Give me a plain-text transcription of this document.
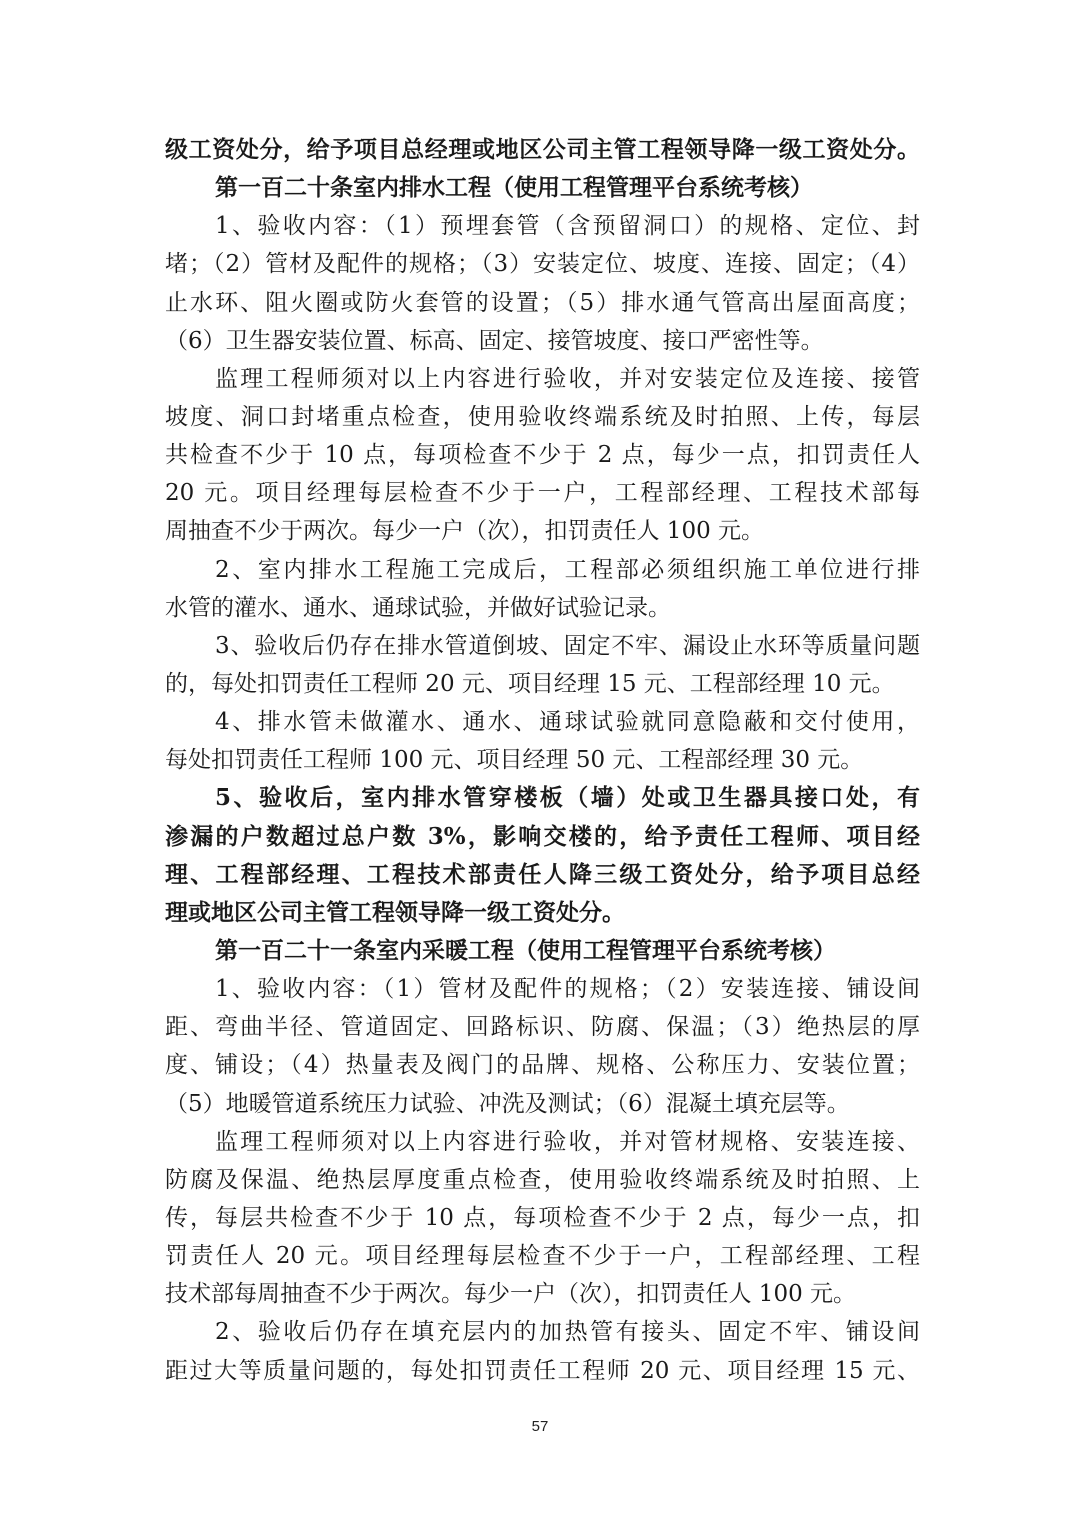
级工资处分，给予项目总经理或地区公司主管工程领导降一级工资处分。
第一百二十条室内排水工程（使用工程管理平台系统考核）
1、验收内容：（1）预埋套管（含预留洞口）的规格、定位、封
堵；（2）管材及配件的规格；（3）安装定位、坡度、连接、固定；（4）
止水环、阻火圈或防火套管的设置；（5）排水通气管高出屋面高度；
（6）卫生器安装位置、标高、固定、接管坡度、接口严密性等。
监理工程师须对以上内容进行验收，并对安装定位及连接、接管
坡度、洞口封堵重点检查，使用验收终端系统及时拍照、上传，每层
共检查不少于 10 点，每项检查不少于 2 点，每少一点，扣罚责任人
20 元。项目经理每层检查不少于一户，工程部经理、工程技术部每
周抽查不少于两次。每少一户（次），扣罚责任人 100 元。
2、室内排水工程施工完成后，工程部必须组织施工单位进行排
水管的灌水、通水、通球试验，并做好试验记录。
3、验收后仍存在排水管道倒坡、固定不牢、漏设止水环等质量问题
的，每处扣罚责任工程师 20 元、项目经理 15 元、工程部经理 10 元。
4、排水管未做灌水、通水、通球试验就同意隐蔽和交付使用，
每处扣罚责任工程师 100 元、项目经理 50 元、工程部经理 30 元。
5、验收后，室内排水管穿楼板（墙）处或卫生器具接口处，有
渗漏的户数超过总户数 3%，影响交楼的，给予责任工程师、项目经
理、工程部经理、工程技术部责任人降三级工资处分，给予项目总经
理或地区公司主管工程领导降一级工资处分。
第一百二十一条室内采暖工程（使用工程管理平台系统考核）
1、验收内容：（1）管材及配件的规格；（2）安装连接、铺设间
距、弯曲半径、管道固定、回路标识、防腐、保温；（3）绝热层的厚
度、铺设；（4）热量表及阀门的品牌、规格、公称压力、安装位置；
（5）地暖管道系统压力试验、冲洗及测试；（6）混凝土填充层等。
监理工程师须对以上内容进行验收，并对管材规格、安装连接、
防腐及保温、绝热层厚度重点检查，使用验收终端系统及时拍照、上
传，每层共检查不少于 10 点，每项检查不少于 2 点，每少一点，扣
罚责任人 20 元。项目经理每层检查不少于一户，工程部经理、工程
技术部每周抽查不少于两次。每少一户（次），扣罚责任人 100 元。
2、验收后仍存在填充层内的加热管有接头、固定不牢、铺设间
距过大等质量问题的，每处扣罚责任工程师 20 元、项目经理 15 元、
57
